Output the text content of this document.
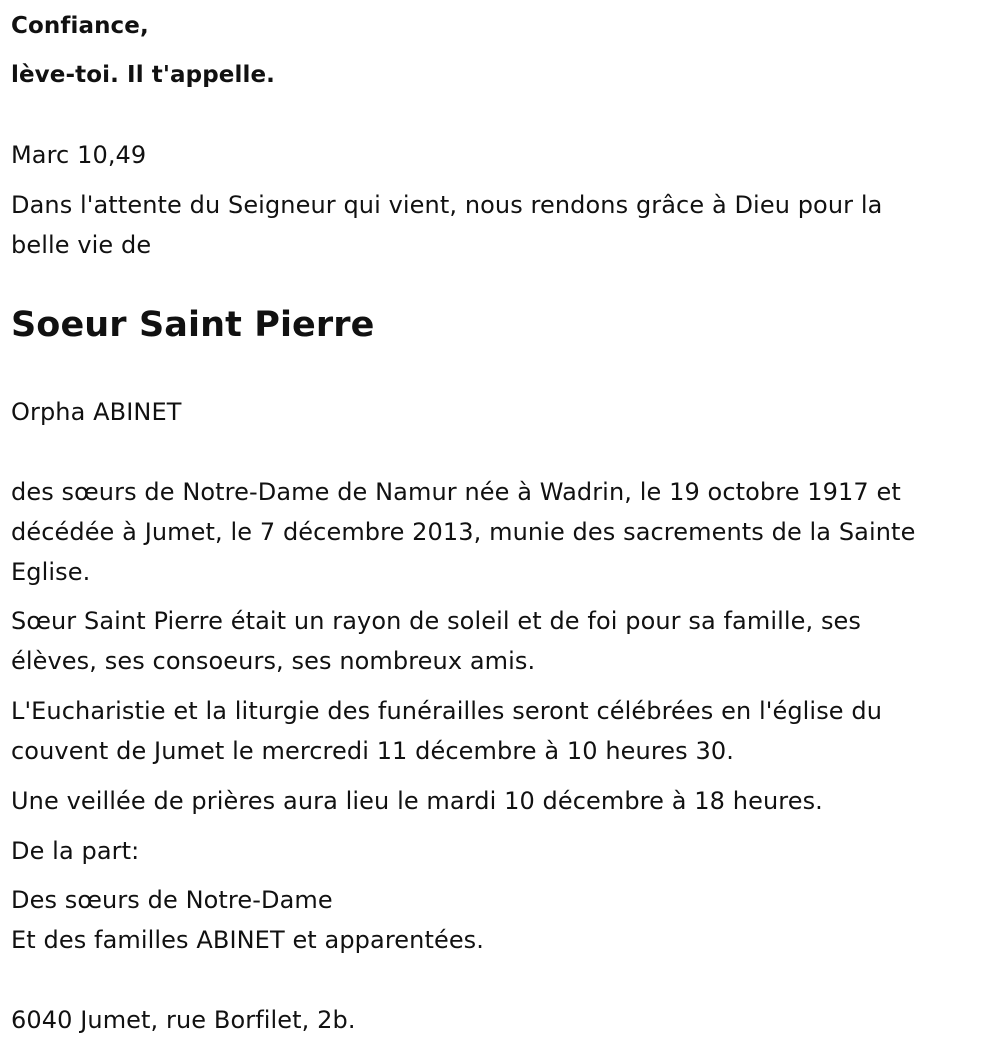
Confiance,
lève-toi. Il t'appelle.
Marc 10,49
Dans l'attente du Seigneur qui vient, nous rendons grâce à Dieu pour la
belle vie de
Soeur Saint Pierre
Orpha ABINET
des sœurs de Notre-Dame de Namur née à Wadrin, le 19 octobre 1917 et
décédée à Jumet, le 7 décembre 2013, munie des sacrements de la Sainte
Eglise.
Sœur Saint Pierre était un rayon de soleil et de foi pour sa famille, ses
élèves, ses consoeurs, ses nombreux amis.
L'Eucharistie et la liturgie des funérailles seront célébrées en l'église du
couvent de Jumet le mercredi 11 décembre à 10 heures 30.
Une veillée de prières aura lieu le mardi 10 décembre à 18 heures.
De la part:
Des sœurs de Notre-Dame
Et des familles ABINET et apparentées.
6040 Jumet, rue Borfilet, 2b.
